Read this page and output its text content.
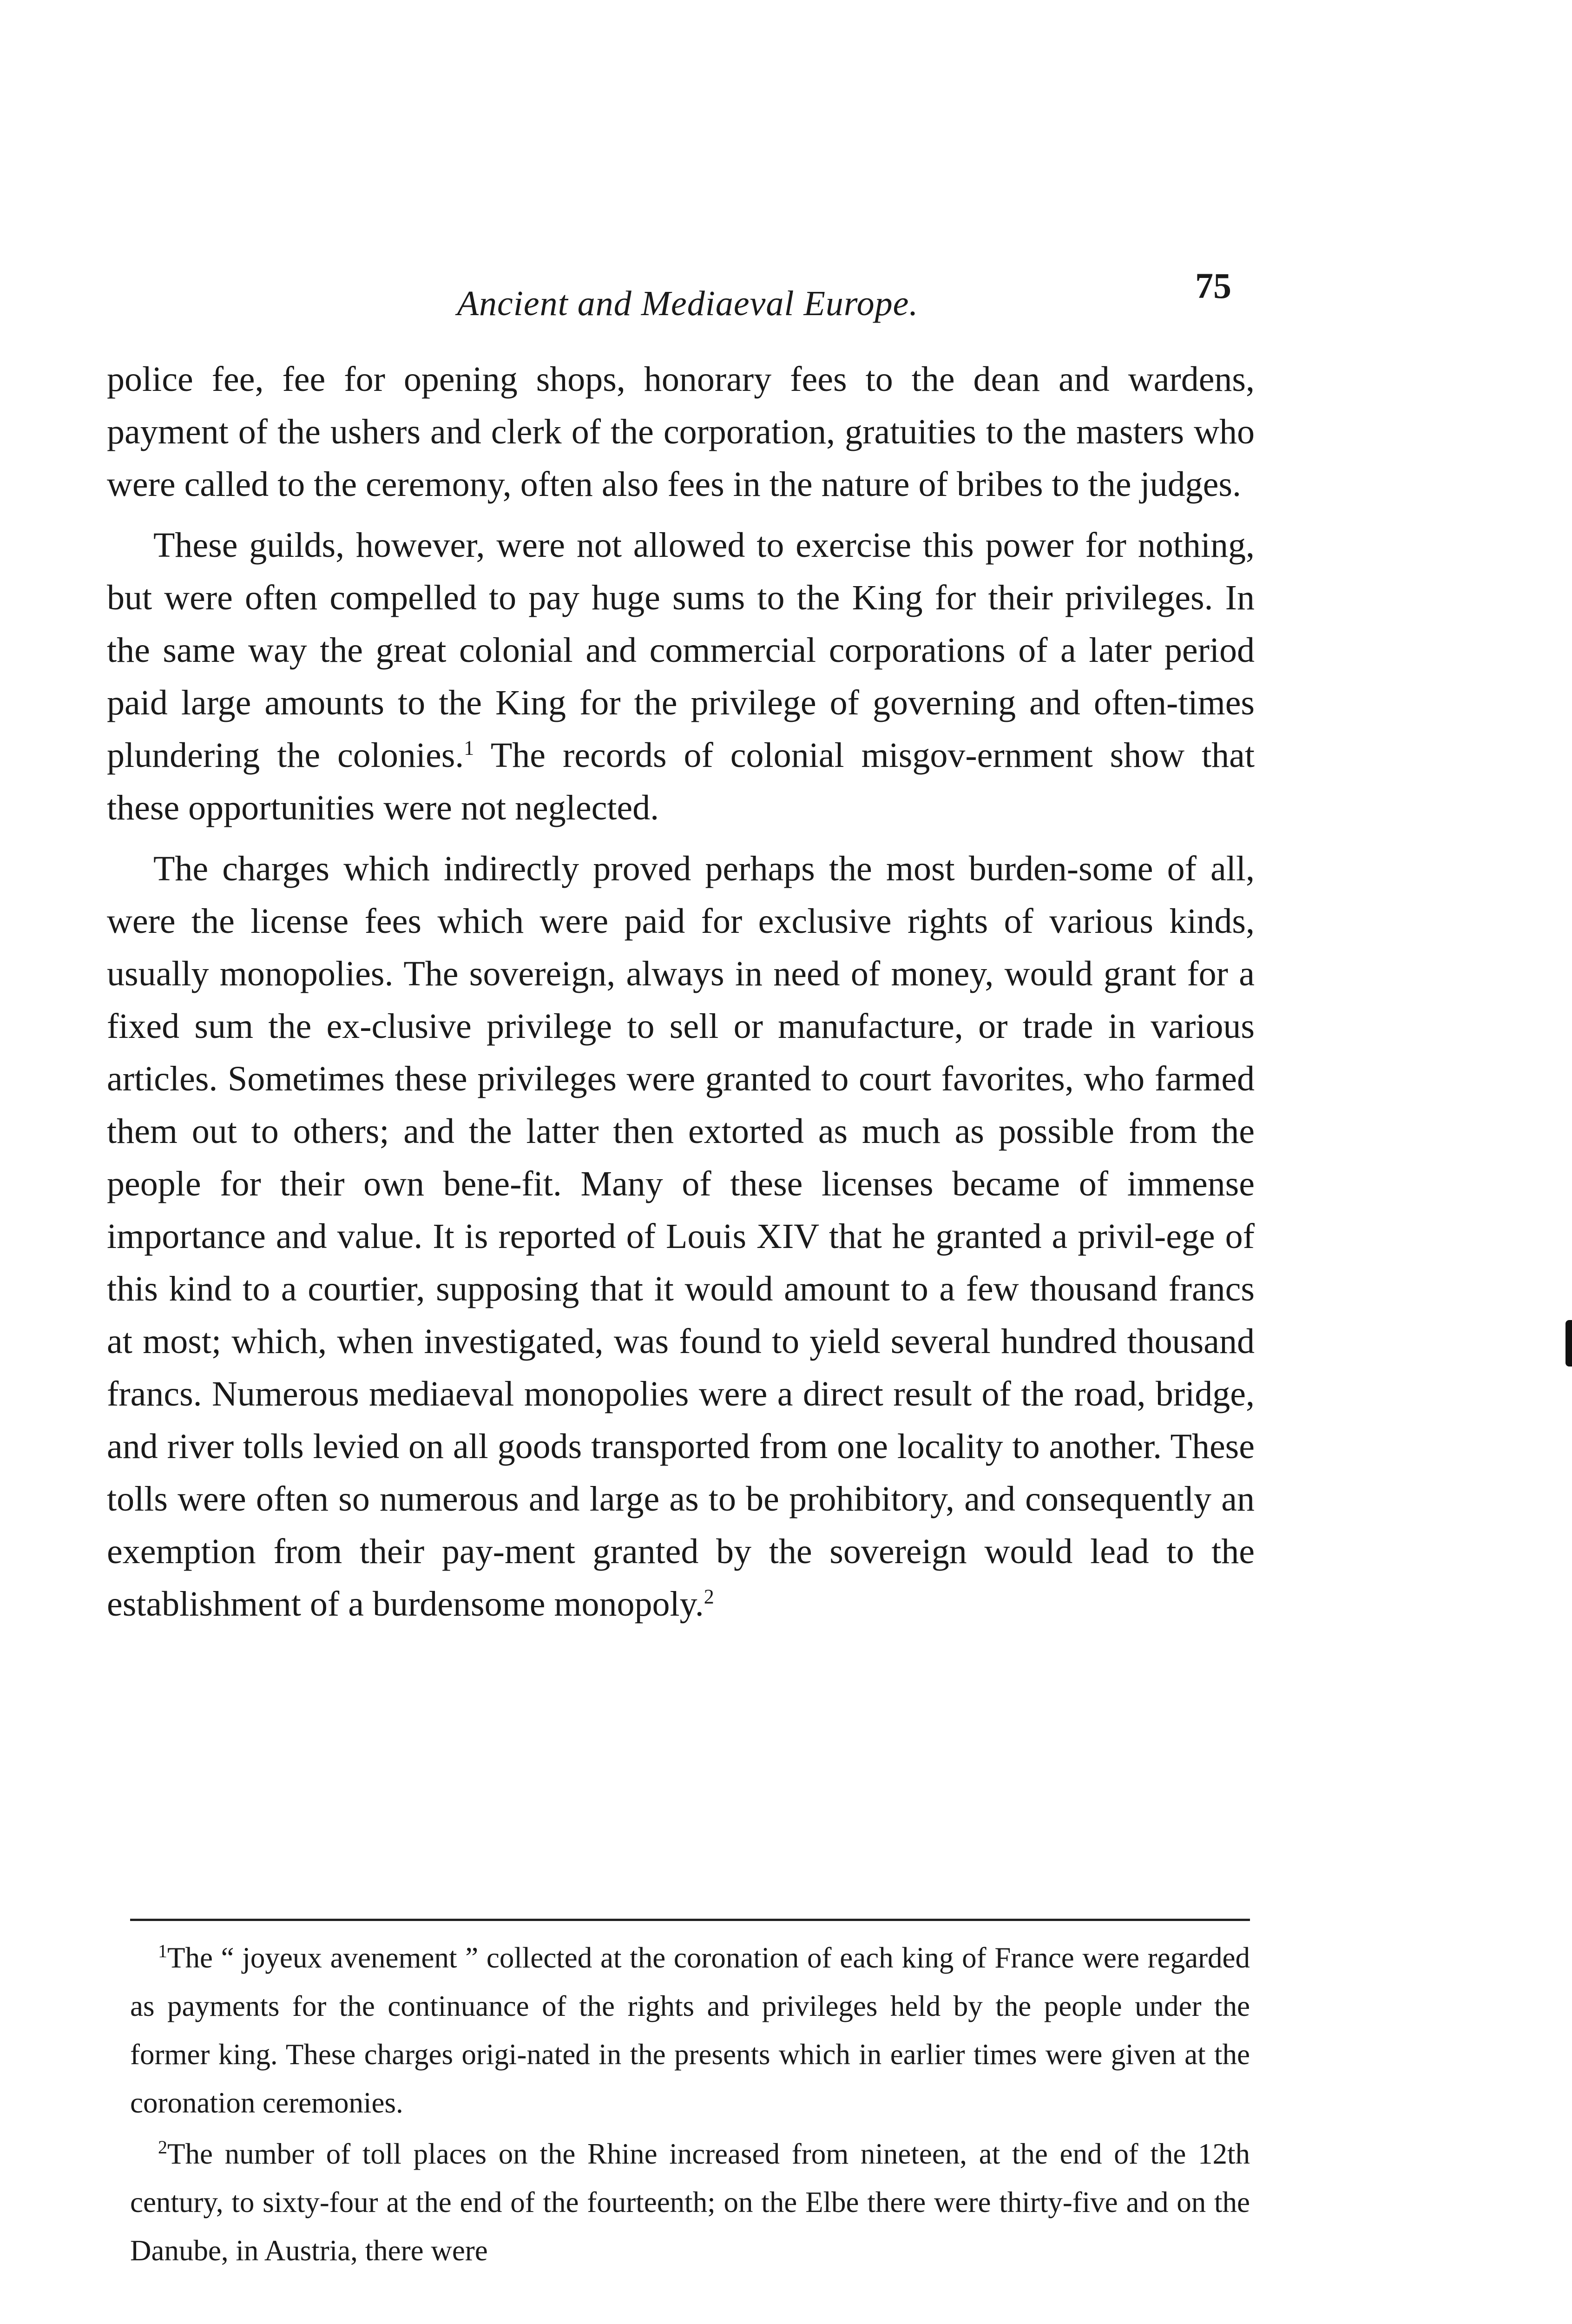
Ancient and Mediaeval Europe.	75

police fee, fee for opening shops, honorary fees to the dean and wardens, payment of the ushers and clerk of the corporation, gratuities to the masters who were called to the ceremony, often also fees in the nature of bribes to the judges.

These guilds, however, were not allowed to exercise this power for nothing, but were often compelled to pay huge sums to the King for their privileges. In the same way the great colonial and commercial corporations of a later period paid large amounts to the King for the privilege of governing and often-times plundering the colonies.$^1$ The records of colonial misgov-ernment show that these opportunities were not neglected.

The charges which indirectly proved perhaps the most burden-some of all, were the license fees which were paid for exclusive rights of various kinds, usually monopolies. The sovereign, always in need of money, would grant for a fixed sum the ex-clusive privilege to sell or manufacture, or trade in various articles. Sometimes these privileges were granted to court favorites, who farmed them out to others; and the latter then extorted as much as possible from the people for their own bene-fit. Many of these licenses became of immense importance and value. It is reported of Louis XIV that he granted a privil-ege of this kind to a courtier, supposing that it would amount to a few thousand francs at most; which, when investigated, was found to yield several hundred thousand francs. Numerous mediaeval monopolies were a direct result of the road, bridge, and river tolls levied on all goods transported from one locality to another. These tolls were often so numerous and large as to be prohibitory, and consequently an exemption from their pay-ment granted by the sovereign would lead to the establishment of a burdensome monopoly.$^2$

$^1$The “ joyeux avenement ” collected at the coronation of each king of France were regarded as payments for the continuance of the rights and privileges held by the people under the former king. These charges origi-nated in the presents which in earlier times were given at the coronation ceremonies.

$^2$The number of toll places on the Rhine increased from nineteen, at the end of the 12th century, to sixty-four at the end of the fourteenth; on the Elbe there were thirty-five and on the Danube, in Austria, there were
